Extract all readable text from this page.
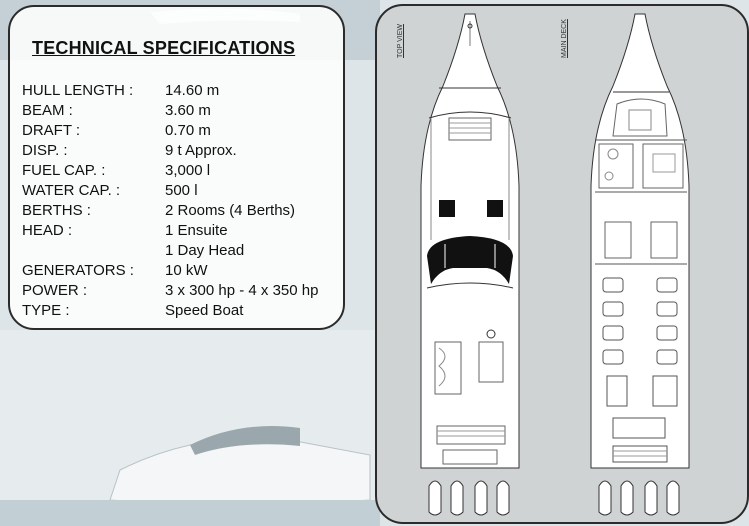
TECHNICAL SPECIFICATIONS
HULL LENGTH :	14.60 m
BEAM :	3.60 m
DRAFT :	0.70 m
DISP. :	9 t Approx.
FUEL CAP. :	3,000 l
WATER CAP. :	500 l
BERTHS :	2 Rooms (4 Berths)
HEAD :	1 Ensuite
1 Day Head
GENERATORS :	10 kW
POWER :	3 x 300 hp - 4 x 350 hp
TYPE :	Speed Boat
TOP VIEW	MAIN DECK
